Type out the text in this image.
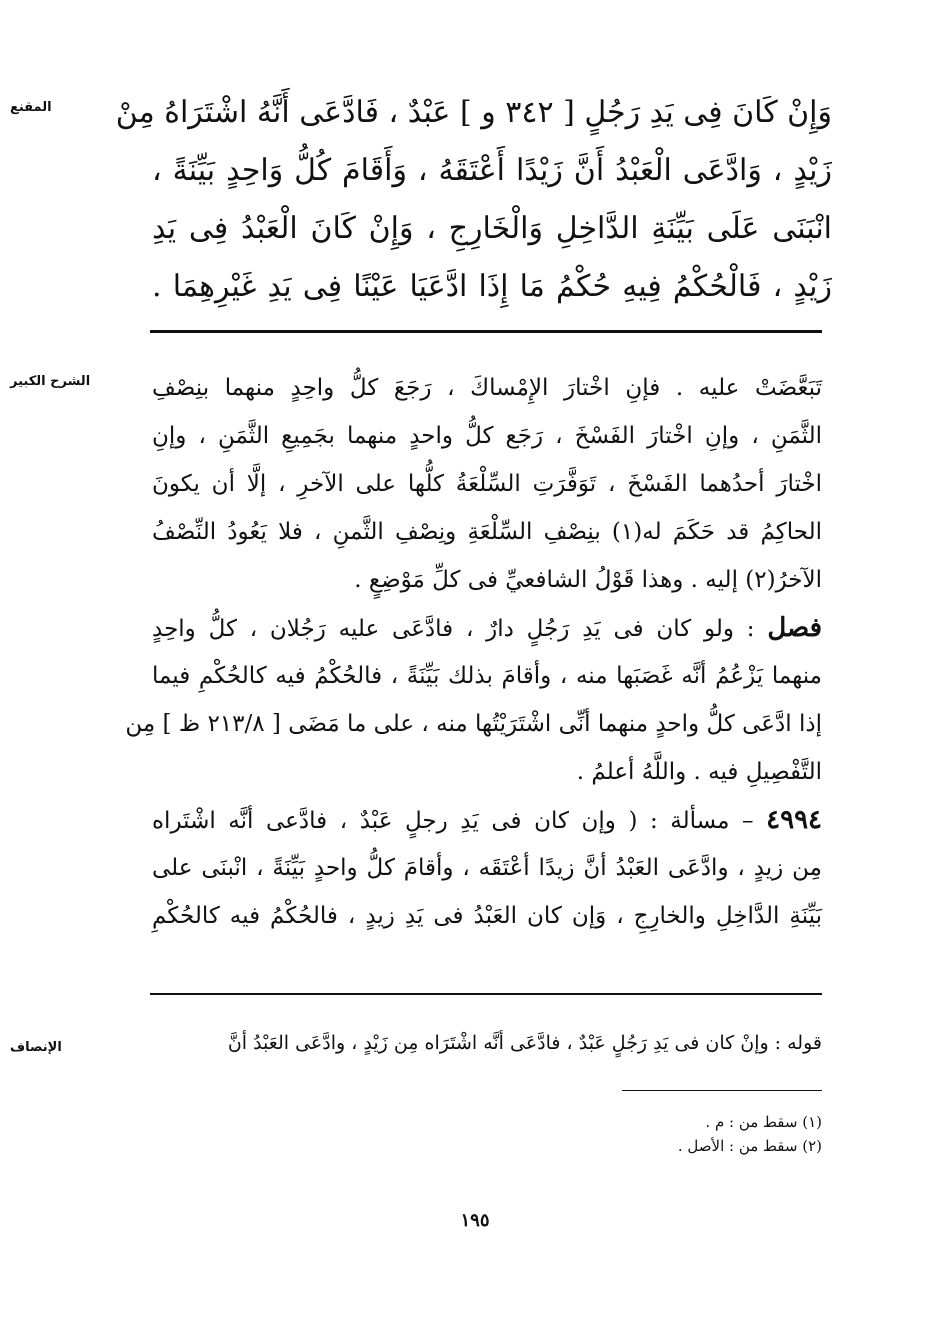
المقنع	وَإِنْ كَانَ فِى يَدِ رَجُلٍ [ ٣٤٢ و ] عَبْدٌ ، فَادَّعَى أَنَّهُ اشْتَرَاهُ مِنْ
زَيْدٍ ، وَادَّعَى الْعَبْدُ أَنَّ زَيْدًا أَعْتَقَهُ ، وَأَقَامَ كُلُّ وَاحِدٍ بَيِّنَةً ،
انْبَنَى عَلَى بَيِّنَةِ الدَّاخِلِ وَالْخَارِجِ ، وَإِنْ كَانَ الْعَبْدُ فِى يَدِ
زَيْدٍ ، فَالْحُكْمُ فِيهِ حُكْمُ مَا إِذَا ادَّعَيَا عَيْنًا فِى يَدِ غَيْرِهِمَا .
الشرح الكبير	تَبَعَّضَتْ عليه . فإنِ اخْتارَ الإِمْساكَ ، رَجَعَ كلُّ واحِدٍ منهما بنِصْفِ
الثَّمَنِ ، وإنِ اخْتارَ الفَسْخَ ، رَجَع كلُّ واحدٍ منهما بجَمِيعِ الثَّمَنِ ، وإنِ
اخْتارَ أحدُهما الفَسْخَ ، تَوَفَّرَتِ السِّلْعَةُ كلُّها على الآخرِ ، إلَّا أن يكونَ
الحاكِمُ قد حَكَمَ له(١) بنِصْفِ السِّلْعَةِ ونِصْفِ الثَّمنِ ، فلا يَعُودُ النِّصْفُ
الآخرُ(٢) إليه . وهذا قَوْلُ الشافعيِّ فى كلِّ مَوْضِعٍ .
فصل : ولو كان فى يَدِ رَجُلٍ دارٌ ، فادَّعَى عليه رَجُلان ، كلُّ واحِدٍ
منهما يَزْعُمُ أنَّه غَصَبَها منه ، وأقامَ بذلك بَيِّنَةً ، فالحُكْمُ فيه كالحُكْمِ فيما
إذا ادَّعَى كلُّ واحدٍ منهما أنِّى اشْتَرَيْتُها منه ، على ما مَضَى [ ٢١٣/٨ ظ ] مِن
التَّفْصِيلِ فيه . واللَّهُ أعلمُ .
٤٩٩٤ – مسألة : ( وإن كان فى يَدِ رجلٍ عَبْدٌ ، فادَّعى أنَّه اشْتَراه
مِن زيدٍ ، وادَّعَى العَبْدُ أنَّ زيدًا أعْتَقَه ، وأقامَ كلُّ واحدٍ بَيِّنَةً ، انْبنَى على
بَيِّنَةِ الدَّاخِلِ والخارِجِ ، وَإن كان العَبْدُ فى يَدِ زيدٍ ، فالحُكْمُ فيه كالحُكْمِ
الإنصاف	قوله : وإنْ كان فى يَدِ رَجُلٍ عَبْدٌ ، فادَّعَى أنَّه اشْتَرَاه مِن زَيْدٍ ، وادَّعَى العَبْدُ أنَّ
(١) سقط من : م .
(٢) سقط من : الأصل .
١٩٥
